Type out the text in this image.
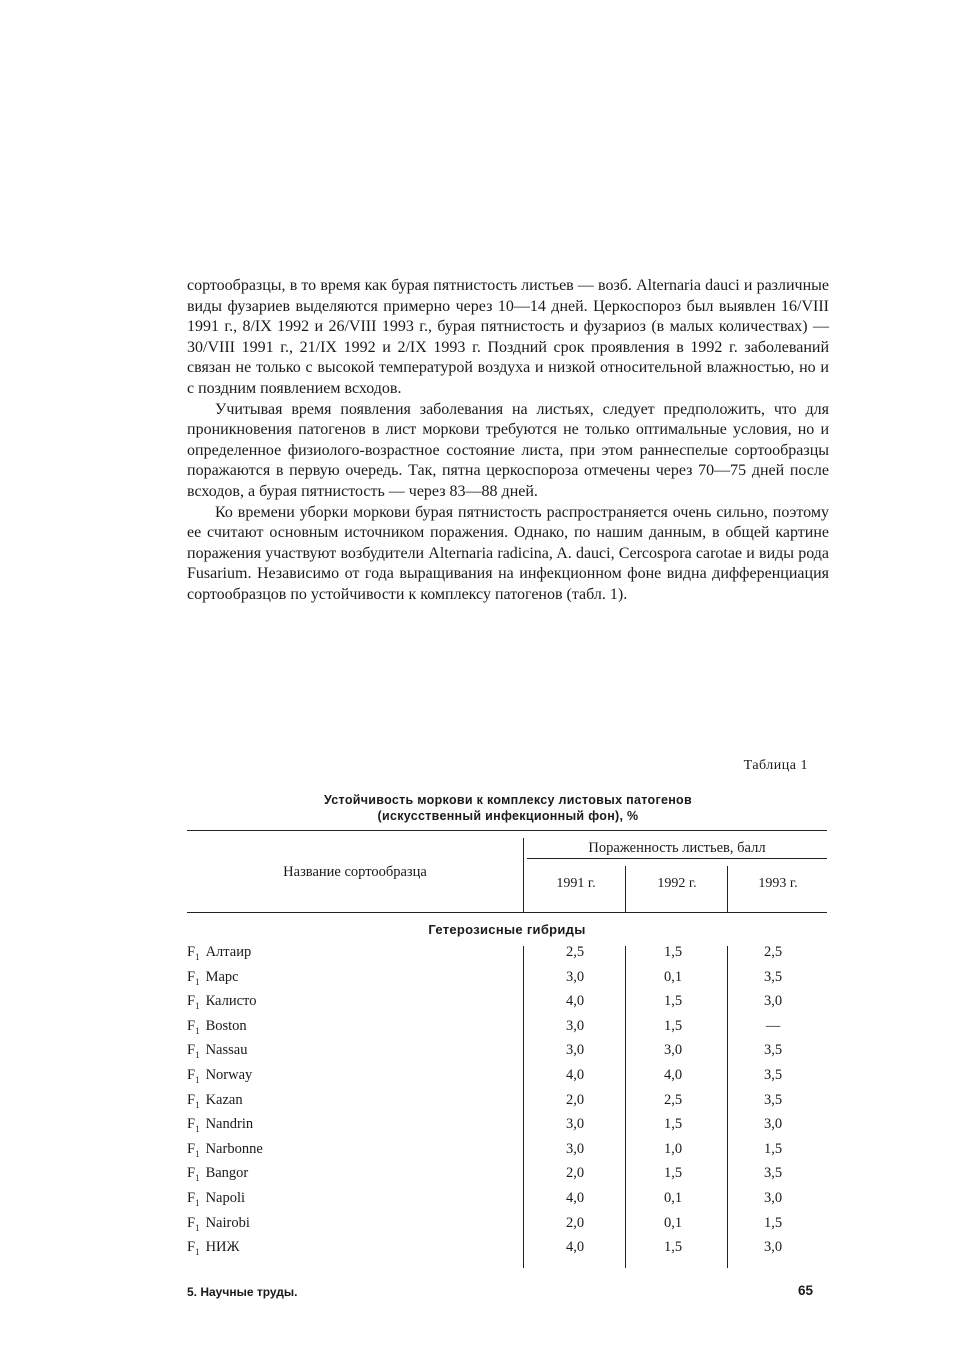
сортообразцы, в то время как бурая пятнистость листьев — возб. Alternaria dauci и различные виды фузариев выделяются примерно через 10—14 дней. Церкоспороз был выявлен 16/VIII 1991 г., 8/IX 1992 и 26/VIII 1993 г., бурая пятнистость и фузариоз (в малых количествах) — 30/VIII 1991 г., 21/IX 1992 и 2/IX 1993 г. Поздний срок проявления в 1992 г. заболеваний связан не только с высокой температурой воздуха и низкой относительной влажностью, но и с поздним появлением всходов.

Учитывая время появления заболевания на листьях, следует предположить, что для проникновения патогенов в лист моркови требуются не только оптимальные условия, но и определенное физиолого-возрастное состояние листа, при этом раннеспелые сортообразцы поражаются в первую очередь. Так, пятна церкоспороза отмечены через 70—75 дней после всходов, а бурая пятнистость — через 83—88 дней.

Ко времени уборки моркови бурая пятнистость распространяется очень сильно, поэтому ее считают основным источником поражения. Однако, по нашим данным, в общей картине поражения участвуют возбудители Alternaria radicina, A. dauci, Cercospora carotae и виды рода Fusarium. Независимо от года выращивания на инфекционном фоне видна дифференциация сортообразцов по устойчивости к комплексу патогенов (табл. 1).

Таблица 1
Устойчивость моркови к комплексу листовых патогенов
(искусственный инфекционный фон), %
Название сортообразца
Пораженность листьев, балл
1991 г.	1992 г.	1993 г.
Гетерозисные гибриды
$F_1$ Алтаир	2,5	1,5	2,5
$F_1$ Марс	3,0	0,1	3,5
$F_1$ Калисто	4,0	1,5	3,0
$F_1$ Boston	3,0	1,5	—
$F_1$ Nassau	3,0	3,0	3,5
$F_1$ Norway	4,0	4,0	3,5
$F_1$ Kazan	2,0	2,5	3,5
$F_1$ Nandrin	3,0	1,5	3,0
$F_1$ Narbonne	3,0	1,0	1,5
$F_1$ Bangor	2,0	1,5	3,5
$F_1$ Napoli	4,0	0,1	3,0
$F_1$ Nairobi	2,0	0,1	1,5
$F_1$ НИЖ	4,0	1,5	3,0
5. Научные труды.	65
